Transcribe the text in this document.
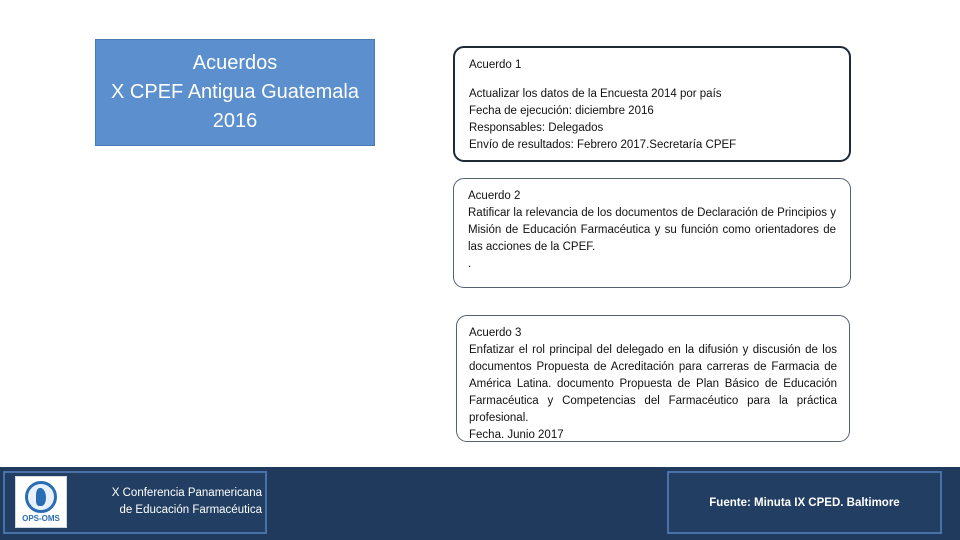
Acuerdos
X CPEF Antigua Guatemala
2016
Acuerdo 1
Actualizar los datos de la Encuesta 2014 por país
Fecha de ejecución: diciembre 2016
Responsables: Delegados
Envío de resultados: Febrero 2017.Secretaría CPEF
Acuerdo 2
Ratificar la relevancia de los documentos de Declaración de Principios y Misión de Educación Farmacéutica y su función como orientadores de las acciones de la CPEF.
.
Acuerdo 3
Enfatizar el rol principal del delegado en la difusión y discusión de los documentos Propuesta de Acreditación para carreras de Farmacia de América Latina. documento Propuesta de Plan Básico de Educación Farmacéutica y Competencias del Farmacéutico para la práctica profesional.
Fecha. Junio 2017
OPS-OMS
X Conferencia Panamericana
de Educación Farmacéutica
Fuente: Minuta IX CPED. Baltimore
